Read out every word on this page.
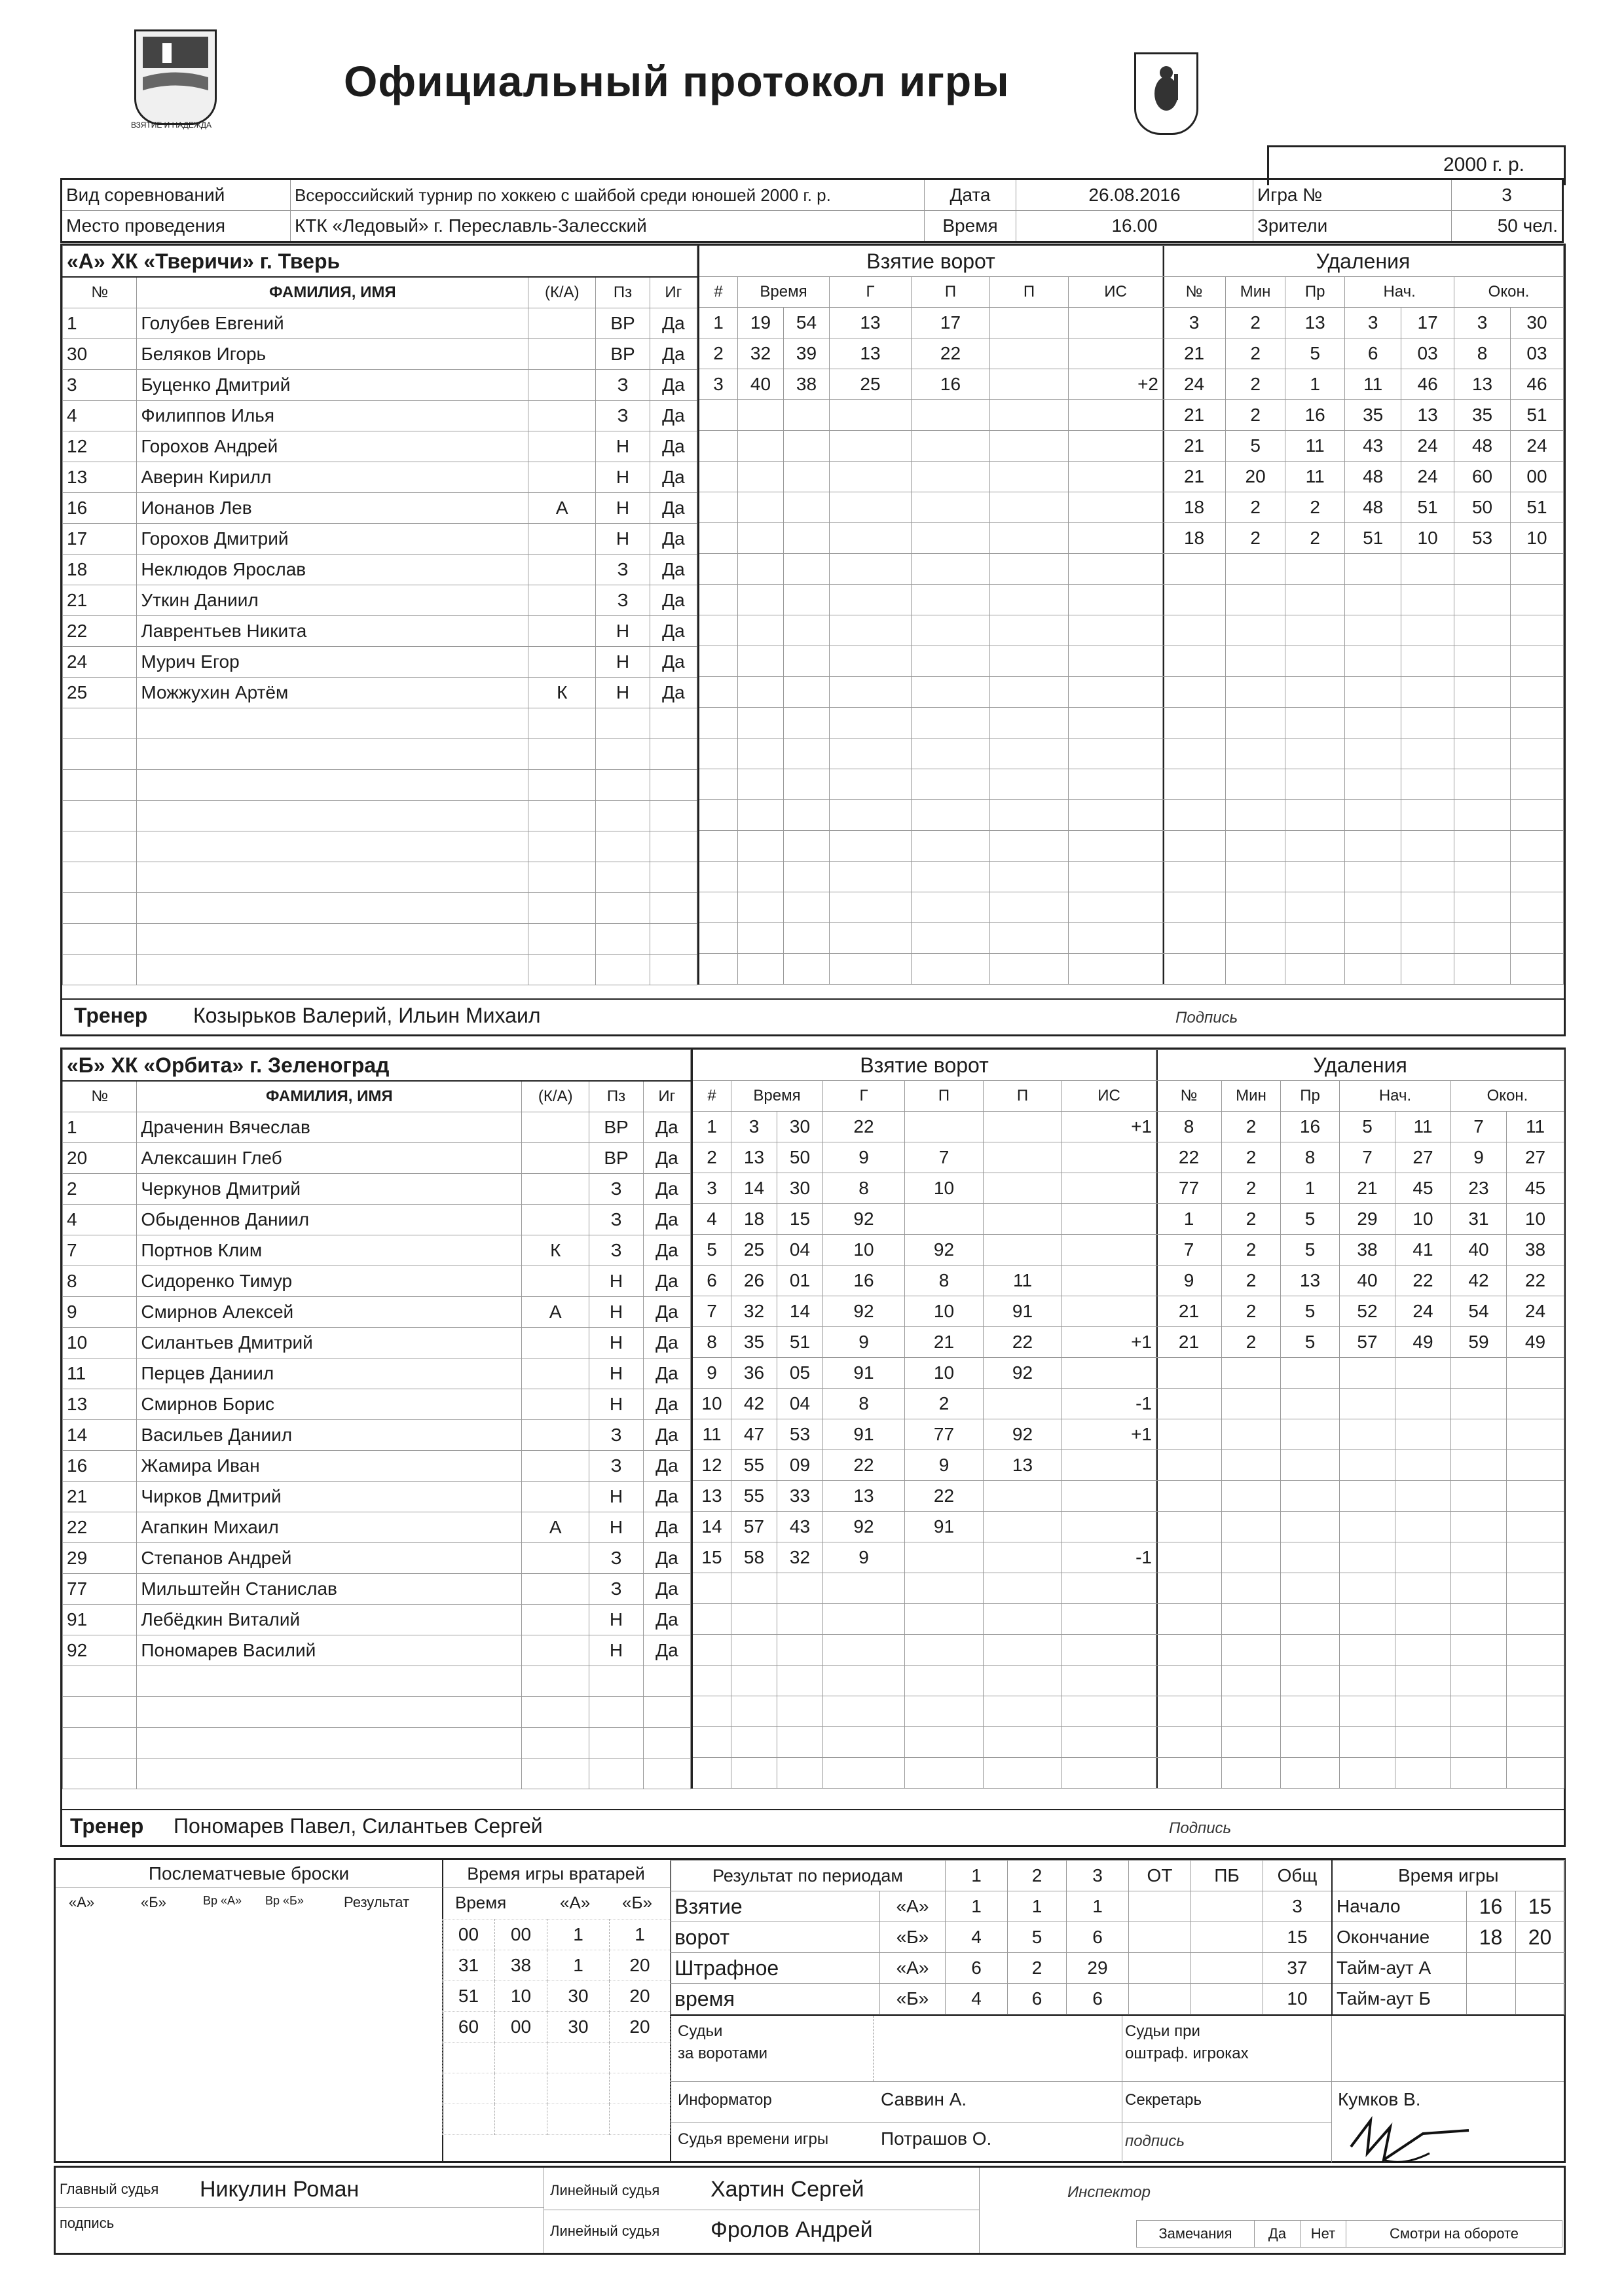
ВЗЯТИЕ И НАДЕЖДА
Официальный протокол игры
2000 г. р.
Вид соревнований	Всероссийский турнир по хоккею с шайбой среди юношей 2000 г. р.	Дата	26.08.2016	Игра №	3
Место проведения	КТК «Ледовый» г. Переславль-Залесский	Время	16.00	Зрители	50 чел.
«А» ХК «Тверичи» г. Тверь				
№	ФАМИЛИЯ, ИМЯ	(К/А)	Пз	Иг
1	Голубев Евгений		ВР	Да
30	Беляков Игорь		ВР	Да
3	Буценко Дмитрий		З	Да
4	Филиппов Илья		З	Да
12	Горохов Андрей		Н	Да
13	Аверин Кирилл		Н	Да
16	Ионанов Лев	А	Н	Да
17	Горохов Дмитрий		Н	Да
18	Неклюдов Ярослав		З	Да
21	Уткин Даниил		З	Да
22	Лаврентьев Никита		Н	Да
24	Мурич Егор		Н	Да
25	Можжухин Артём	К	Н	Да

Взятие ворот						
#	Время		Г	П	П	ИС
1	19	54	13	17		
2	32	39	13	22		
3	40	38	25	16		+2

Удаления						
№	Мин	Пр	Нач.		Окон.	
3	2	13	3	17	3	30
21	2	5	6	03	8	03
24	2	1	11	46	13	46
21	2	16	35	13	35	51
21	5	11	43	24	48	24
21	20	11	48	24	60	00
18	2	2	48	51	50	51
18	2	2	51	10	53	10

Тренер Козырьков Валерий, Ильин Михаил	Подпись
«Б» ХК «Орбита» г. Зеленоград				
№	ФАМИЛИЯ, ИМЯ	(К/А)	Пз	Иг
1	Драченин Вячеслав		ВР	Да
20	Алексашин Глеб		ВР	Да
2	Черкунов Дмитрий		З	Да
4	Обыденнов Даниил		З	Да
7	Портнов Клим	К	З	Да
8	Сидоренко Тимур		Н	Да
9	Смирнов Алексей	А	Н	Да
10	Силантьев Дмитрий		Н	Да
11	Перцев Даниил		Н	Да
13	Смирнов Борис		Н	Да
14	Васильев Даниил		З	Да
16	Жамира Иван		З	Да
21	Чирков Дмитрий		Н	Да
22	Агапкин Михаил	А	Н	Да
29	Степанов Андрей		З	Да
77	Мильштейн Станислав		З	Да
91	Лебёдкин Виталий		Н	Да
92	Пономарев Василий		Н	Да

Взятие ворот						
#	Время		Г	П	П	ИС
1	3	30	22			+1
2	13	50	9	7		
3	14	30	8	10		
4	18	15	92			
5	25	04	10	92		
6	26	01	16	8	11	
7	32	14	92	10	91	
8	35	51	9	21	22	+1
9	36	05	91	10	92	
10	42	04	8	2		-1
11	47	53	91	77	92	+1
12	55	09	22	9	13	
13	55	33	13	22		
14	57	43	92	91		
15	58	32	9			-1

Удаления						
№	Мин	Пр	Нач.		Окон.	
8	2	16	5	11	7	11
22	2	8	7	27	9	27
77	2	1	21	45	23	45
1	2	5	29	10	31	10
7	2	5	38	41	40	38
9	2	13	40	22	42	22
21	2	5	52	24	54	24
21	2	5	57	49	59	49

Тренер Пономарев Павел, Силантьев Сергей	Подпись
Послематчевые броски
«А»	«Б»	Вр «А» Вр «Б»	Результат
Время игры вратарей
Время	«А» «Б»
00	00	1	1
31	38	1	20
51	10	30	20
60	00	30	20

Результат по периодам		1	2	3	ОТ	ПБ	Общ
Взятие	«А»	1	1	1			3
ворот	«Б»	4	5	6			15
Штрафное	«А»	6	2	29			37
время	«Б»	4	6	6			10
Время игры		
Начало	16	15
Окончание	18	20
Тайм-аут А		
Тайм-аут Б		
Судьи
за воротами
Судьи при
оштраф. игроках
Информатор	Саввин А.	Секретарь	Кумков В.
Судья времени игры	Потрашов О.	подпись
Главный судья Никулин Роман
подпись
Линейный судья Хартин Сергей
Линейный судья Фролов Андрей
Инспектор
Замечания	Да	Нет	Смотри на обороте
